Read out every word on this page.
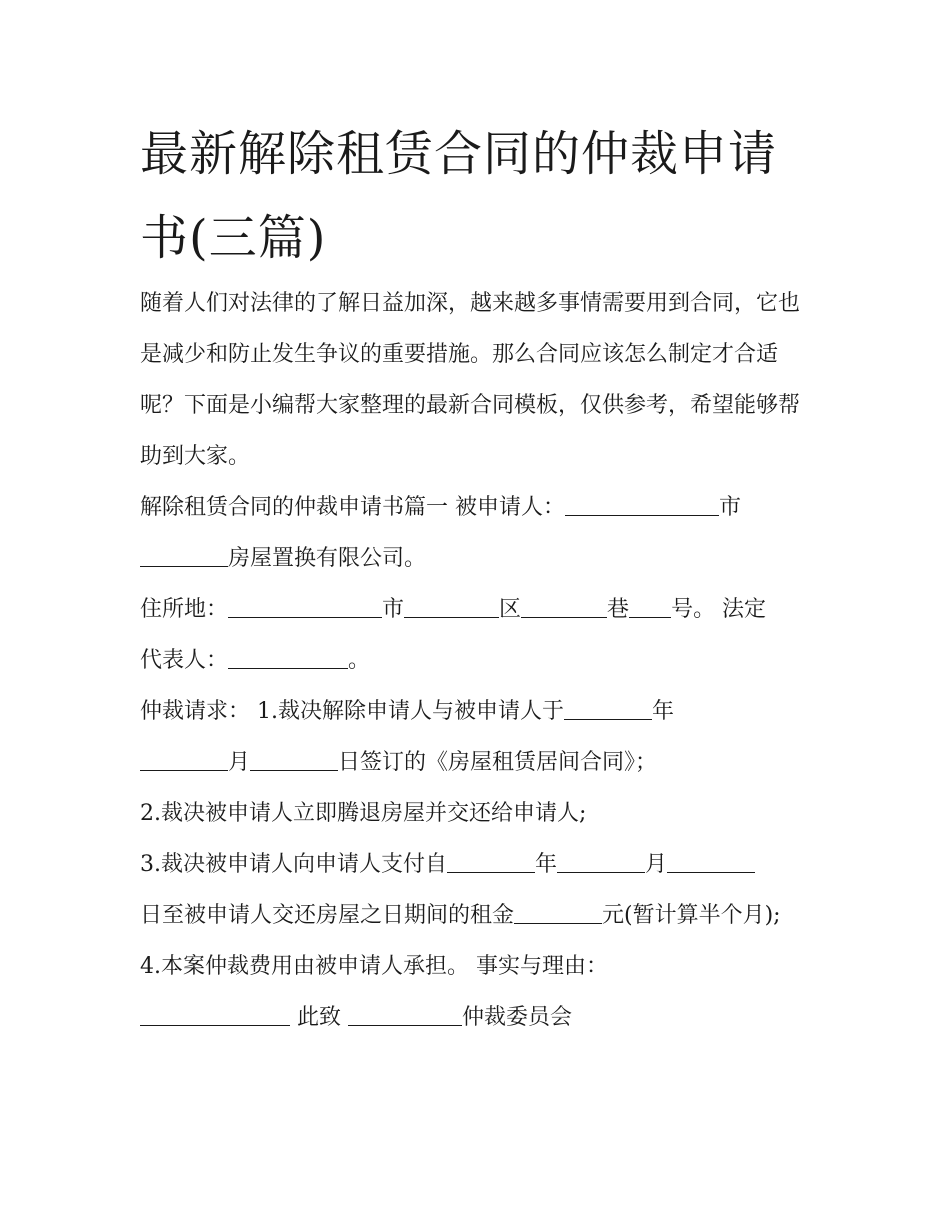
最新解除租赁合同的仲裁申请书(三篇)

随着人们对法律的了解日益加深，越来越多事情需要用到合同，它也是减少和防止发生争议的重要措施。那么合同应该怎么制定才合适呢？下面是小编帮大家整理的最新合同模板，仅供参考，希望能够帮助到大家。

解除租赁合同的仲裁申请书篇一 被申请人：	市
房屋置换有限公司。

住所地：	市	区	巷 号。 法定
代表人：	。

仲裁请求： 1.裁决解除申请人与被申请人于	年
月	日签订的《房屋租赁居间合同》；

2.裁决被申请人立即腾退房屋并交还给申请人;

3.裁决被申请人向申请人支付自	年	月
日至被申请人交还房屋之日期间的租金	元(暂计算半个月);

4.本案仲裁费用由被申请人承担。 事实与理由：

此致	仲裁委员会
